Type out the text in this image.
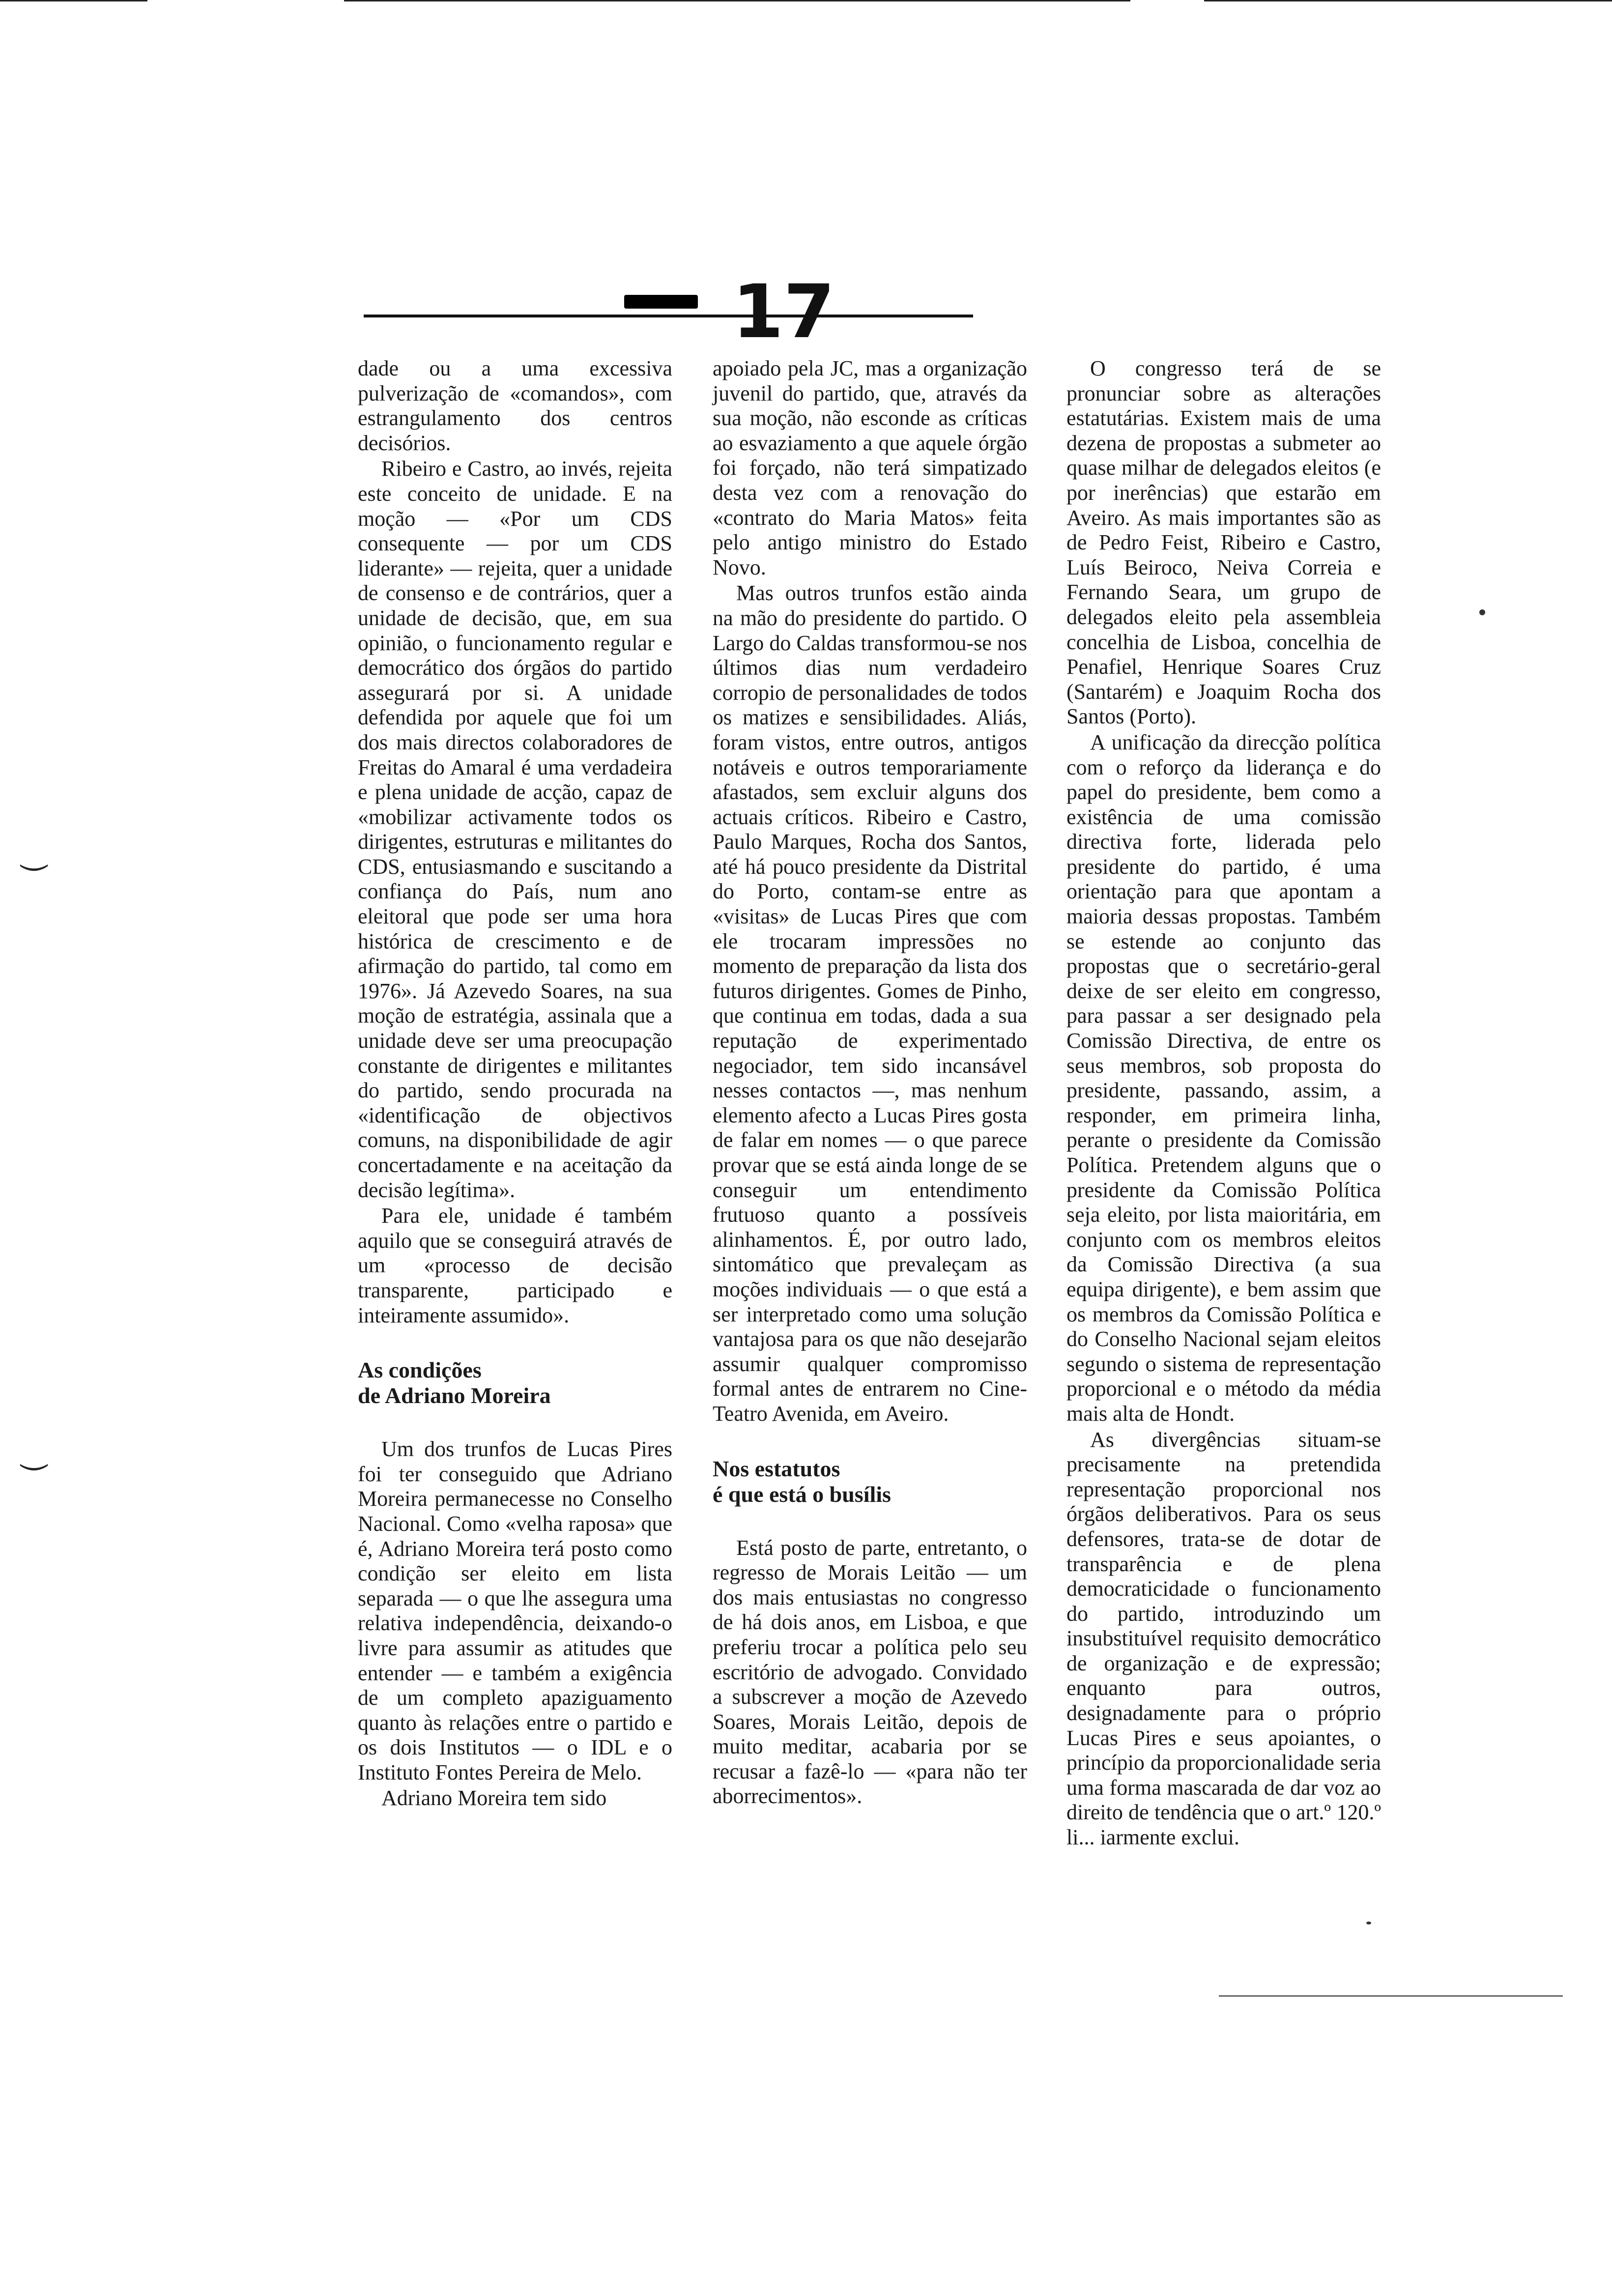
⏝
⏝
17

dade ou a uma excessiva pulverização de «comandos», com estrangulamento dos centros decisórios.

Ribeiro e Castro, ao invés, rejeita este conceito de unidade. E na moção — «Por um CDS consequente — por um CDS liderante» — rejeita, quer a unidade de consenso e de contrários, quer a unidade de decisão, que, em sua opinião, o funcionamento regular e democrático dos órgãos do partido assegurará por si. A unidade defendida por aquele que foi um dos mais directos colaboradores de Freitas do Amaral é uma verdadeira e plena unidade de acção, capaz de «mobilizar activamente todos os dirigentes, estruturas e militantes do CDS, entusiasmando e suscitando a confiança do País, num ano eleitoral que pode ser uma hora histórica de crescimento e de afirmação do partido, tal como em 1976». Já Azevedo Soares, na sua moção de estratégia, assinala que a unidade deve ser uma preocupação constante de dirigentes e militantes do partido, sendo procurada na «identificação de objectivos comuns, na disponibilidade de agir concertadamente e na aceitação da decisão legítima».

Para ele, unidade é também aquilo que se conseguirá através de um «processo de decisão transparente, participado e inteiramente assumido».

As condições
de Adriano Moreira

Um dos trunfos de Lucas Pires foi ter conseguido que Adriano Moreira permanecesse no Conselho Nacional. Como «velha raposa» que é, Adriano Moreira terá posto como condição ser eleito em lista separada — o que lhe assegura uma relativa independência, deixando-o livre para assumir as atitudes que entender — e também a exigência de um completo apaziguamento quanto às relações entre o partido e os dois Institutos — o IDL e o Instituto Fontes Pereira de Melo.

Adriano Moreira tem sido

apoiado pela JC, mas a organização juvenil do partido, que, através da sua moção, não esconde as críticas ao esvaziamento a que aquele órgão foi forçado, não terá simpatizado desta vez com a renovação do «contrato do Maria Matos» feita pelo antigo ministro do Estado Novo.

Mas outros trunfos estão ainda na mão do presidente do partido. O Largo do Caldas transformou-se nos últimos dias num verdadeiro corropio de personalidades de todos os matizes e sensibilidades. Aliás, foram vistos, entre outros, antigos notáveis e outros temporariamente afastados, sem excluir alguns dos actuais críticos. Ribeiro e Castro, Paulo Marques, Rocha dos Santos, até há pouco presidente da Distrital do Porto, contam-se entre as «visitas» de Lucas Pires que com ele trocaram impressões no momento de preparação da lista dos futuros dirigentes. Gomes de Pinho, que continua em todas, dada a sua reputação de experimentado negociador, tem sido incansável nesses contactos —, mas nenhum elemento afecto a Lucas Pires gosta de falar em nomes — o que parece provar que se está ainda longe de se conseguir um entendimento frutuoso quanto a possíveis alinhamentos. É, por outro lado, sintomático que prevaleçam as moções individuais — o que está a ser interpretado como uma solução vantajosa para os que não desejarão assumir qualquer compromisso formal antes de entrarem no Cine-Teatro Avenida, em Aveiro.

Nos estatutos
é que está o busílis

Está posto de parte, entretanto, o regresso de Morais Leitão — um dos mais entusiastas no congresso de há dois anos, em Lisboa, e que preferiu trocar a política pelo seu escritório de advogado. Convidado a subscrever a moção de Azevedo Soares, Morais Leitão, depois de muito meditar, acabaria por se recusar a fazê-lo — «para não ter aborrecimentos».

O congresso terá de se pronunciar sobre as alterações estatutárias. Existem mais de uma dezena de propostas a submeter ao quase milhar de delegados eleitos (e por inerências) que estarão em Aveiro. As mais importantes são as de Pedro Feist, Ribeiro e Castro, Luís Beiroco, Neiva Correia e Fernando Seara, um grupo de delegados eleito pela assembleia concelhia de Lisboa, concelhia de Penafiel, Henrique Soares Cruz (Santarém) e Joaquim Rocha dos Santos (Porto).

A unificação da direcção política com o reforço da liderança e do papel do presidente, bem como a existência de uma comissão directiva forte, liderada pelo presidente do partido, é uma orientação para que apontam a maioria dessas propostas. Também se estende ao conjunto das propostas que o secretário-geral deixe de ser eleito em congresso, para passar a ser designado pela Comissão Directiva, de entre os seus membros, sob proposta do presidente, passando, assim, a responder, em primeira linha, perante o presidente da Comissão Política. Pretendem alguns que o presidente da Comissão Política seja eleito, por lista maioritária, em conjunto com os membros eleitos da Comissão Directiva (a sua equipa dirigente), e bem assim que os membros da Comissão Política e do Conselho Nacional sejam eleitos segundo o sistema de representação proporcional e o método da média mais alta de Hondt.

As divergências situam-se precisamente na pretendida representação proporcional nos órgãos deliberativos. Para os seus defensores, trata-se de dotar de transparência e de plena democraticidade o funcionamento do partido, introduzindo um insubstituível requisito democrático de organização e de expressão; enquanto para outros, designadamente para o próprio Lucas Pires e seus apoiantes, o princípio da proporcionalidade seria uma forma mascarada de dar voz ao direito de tendência que o art.º 120.º li... iarmente exclui.
